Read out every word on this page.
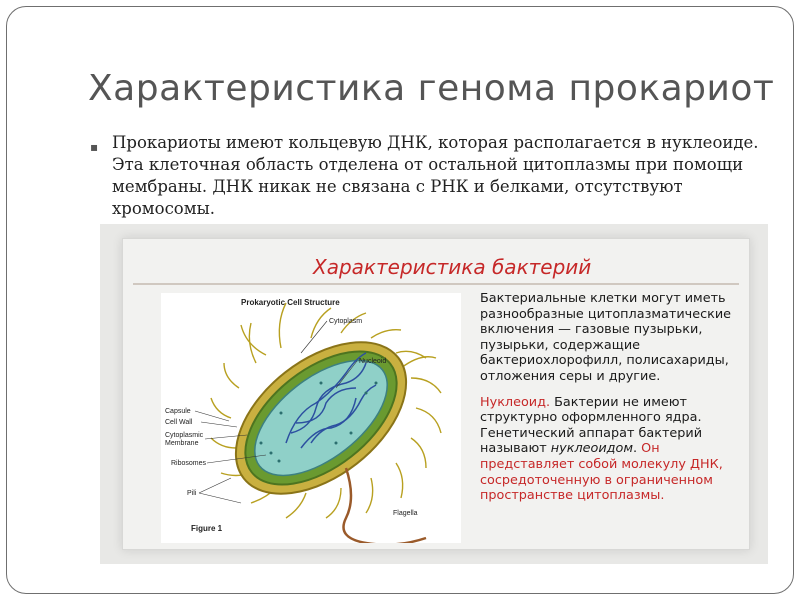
Характеристика генома прокариот
▪ Прокариоты имеют кольцевую ДНК, которая располагается в нуклеоиде. Эта клеточная область отделена от остальной цитоплазмы при помощи мембраны. ДНК никак не связана с РНК и белками, отсутствуют хромосомы.
Характеристика бактерий
Prokaryotic Cell Structure
Cytoplasm
Nucleoid
Capsule
Cell Wall
Cytoplasmic
Membrane
Ribosomes
Pili
Flagella
Figure 1

Бактериальные клетки могут иметь разнообразные цитоплазматические включения — газовые пузырьки, пузырьки, содержащие бактериохлорофилл, полисахариды, отложения серы и другие.

Нуклеоид. Бактерии не имеют структурно оформленного ядра. Генетический аппарат бактерий называют нуклеоидом. Он представляет собой молекулу ДНК, сосредоточенную в ограниченном пространстве цитоплазмы.
